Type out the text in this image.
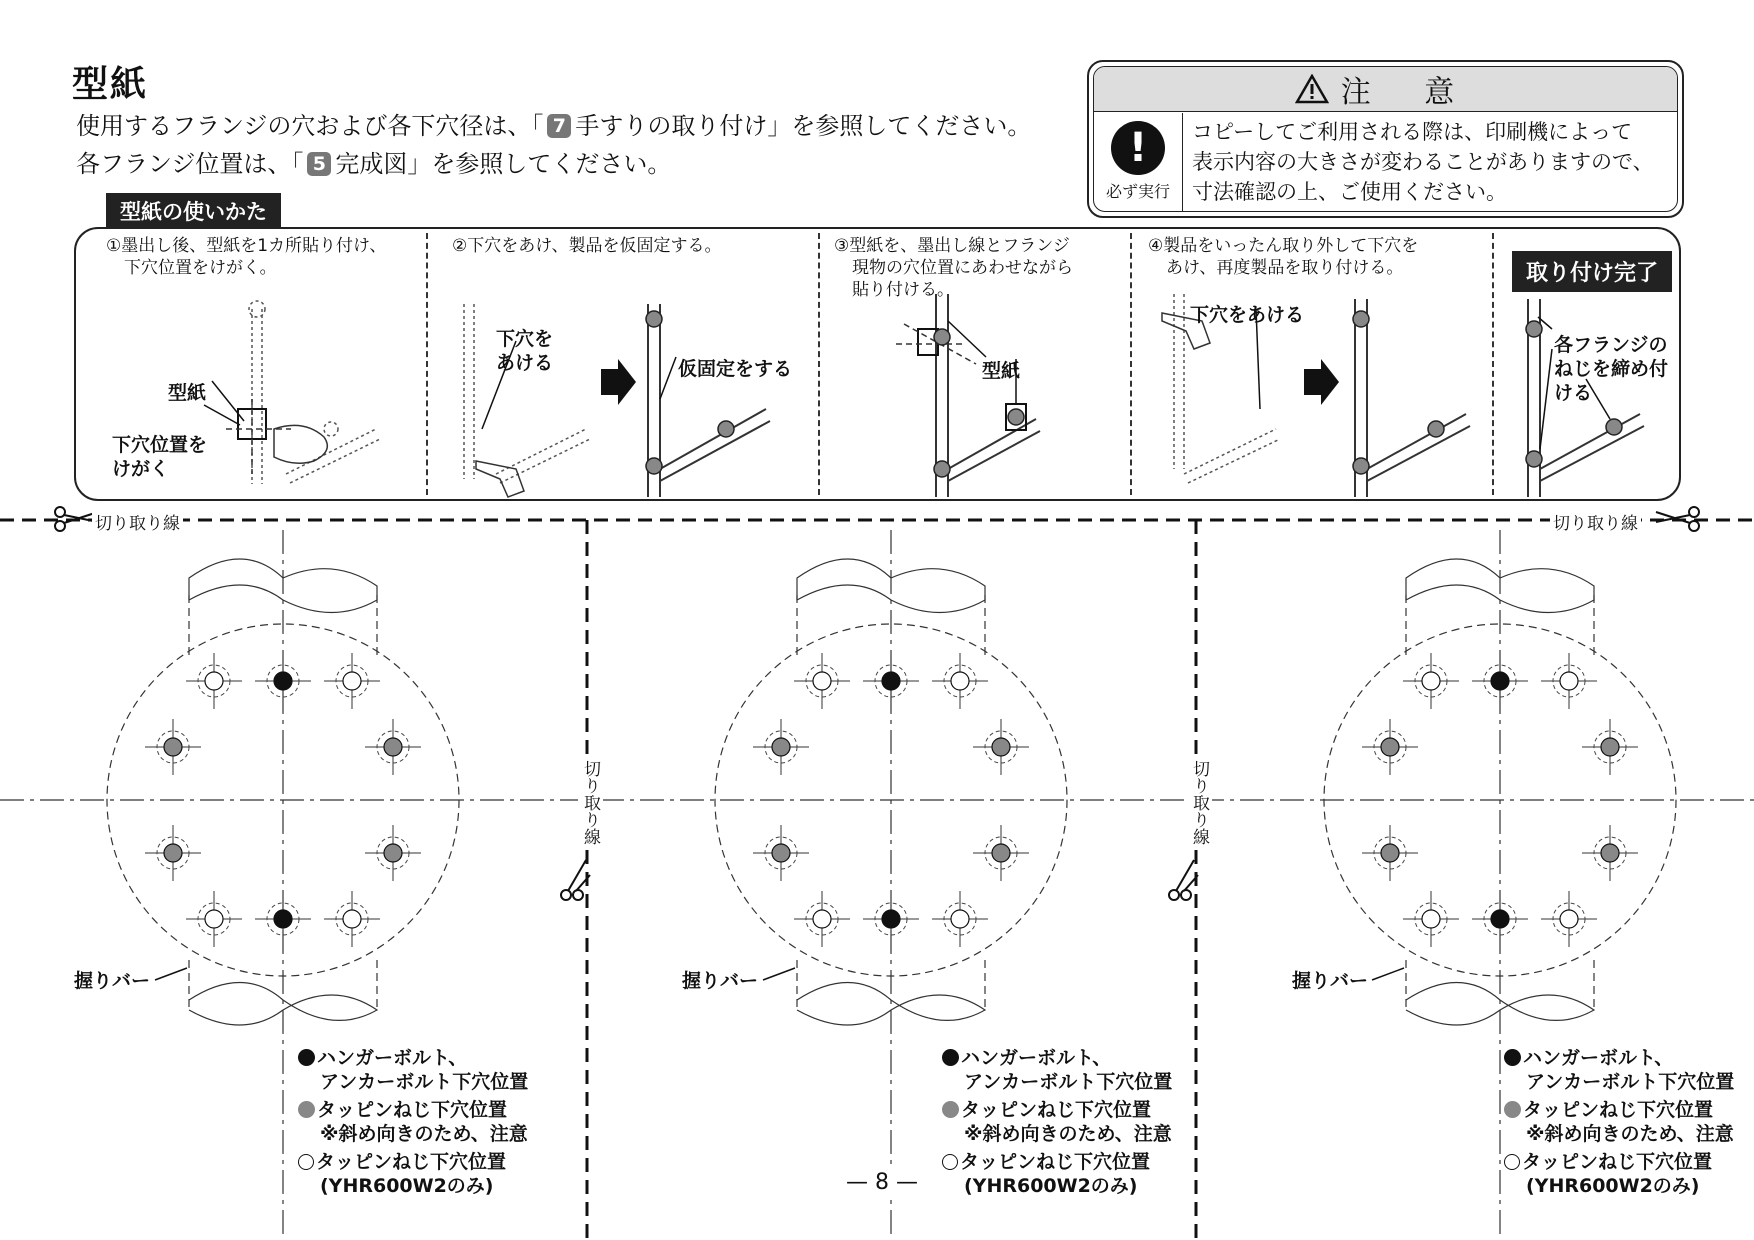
型紙
使用するフランジの穴および各下穴径は、「 7 手すりの取り付け」を参照してください。
各フランジ位置は、「 5 完成図」を参照してください。
注 意
!
必ず実行
コピーしてご利用される際は、印刷機によって
表示内容の大きさが変わることがありますので、
寸法確認の上、ご使用ください。
型紙の使いかた
①墨出し後、型紙を1カ所貼り付け、
下穴位置をけがく。
②下穴をあけ、製品を仮固定する。	③型紙を、墨出し線とフランジ
現物の穴位置にあわせながら
貼り付ける。
④製品をいったん取り外して下穴を
あけ、再度製品を取り付ける。	取り付け完了
型紙
下穴位置を
けがく
下穴を
あける	仮固定をする	型紙
下穴をあける
各フランジの
ねじを締め付
ける
切り取り線	切り取り線
切り取り線	切り取り線
握りバー	握りバー	握りバー
ハンガーボルト、
アンカーボルト下穴位置
タッピンねじ下穴位置
※斜め向きのため、注意
タッピンねじ下穴位置
(YHR600W2のみ)
ハンガーボルト、
アンカーボルト下穴位置
タッピンねじ下穴位置
※斜め向きのため、注意
タッピンねじ下穴位置
(YHR600W2のみ)
ハンガーボルト、
アンカーボルト下穴位置
タッピンねじ下穴位置
※斜め向きのため、注意
タッピンねじ下穴位置
(YHR600W2のみ)
— 8 —
